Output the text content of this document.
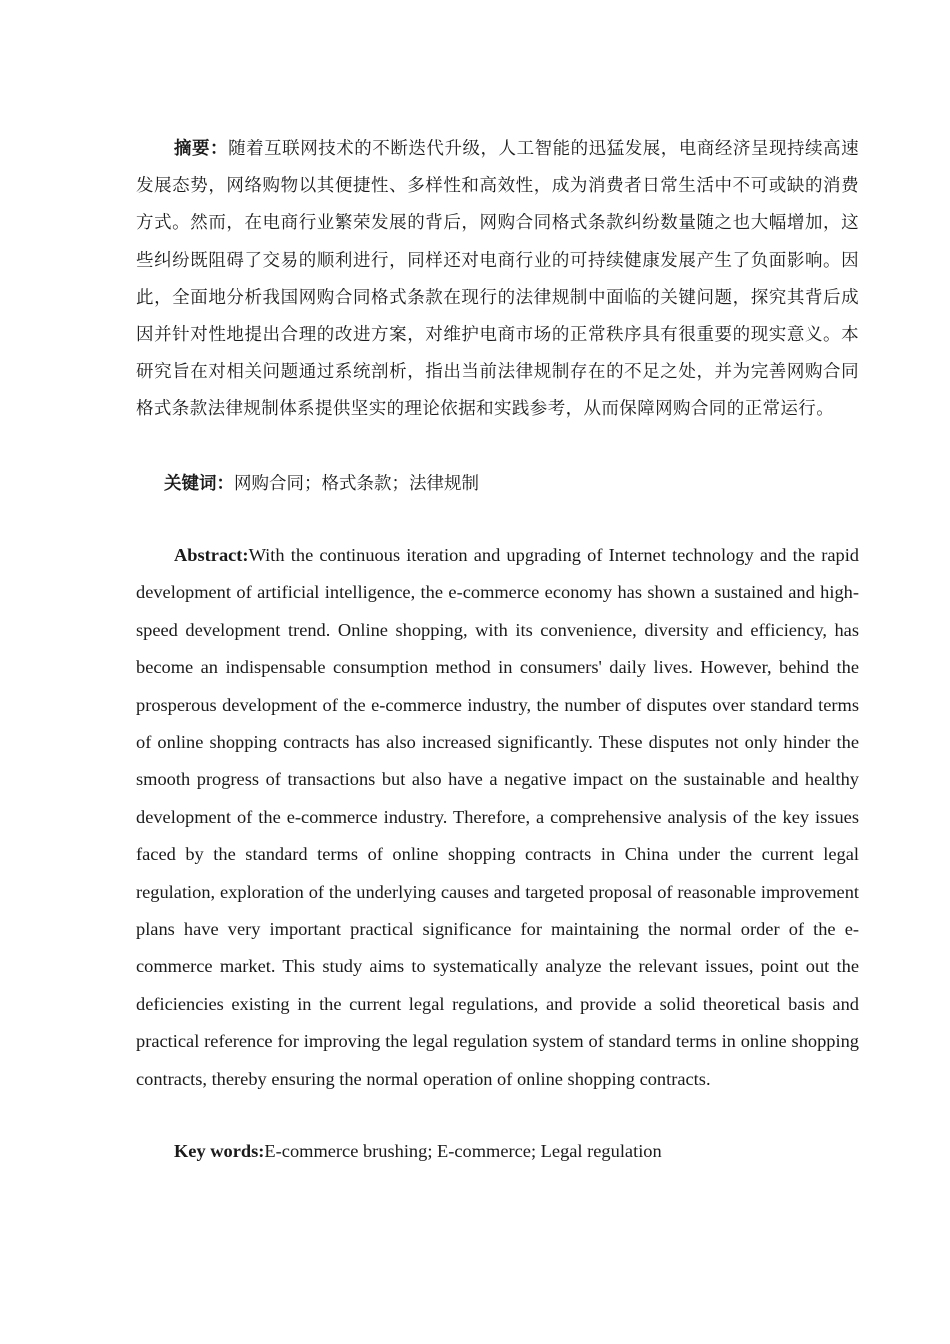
摘要：随着互联网技术的不断迭代升级，人工智能的迅猛发展，电商经济呈现持续高速发展态势，网络购物以其便捷性、多样性和高效性，成为消费者日常生活中不可或缺的消费方式。然而，在电商行业繁荣发展的背后，网购合同格式条款纠纷数量随之也大幅增加，这些纠纷既阻碍了交易的顺利进行，同样还对电商行业的可持续健康发展产生了负面影响。因此，全面地分析我国网购合同格式条款在现行的法律规制中面临的关键问题，探究其背后成因并针对性地提出合理的改进方案，对维护电商市场的正常秩序具有很重要的现实意义。本研究旨在对相关问题通过系统剖析，指出当前法律规制存在的不足之处，并为完善网购合同格式条款法律规制体系提供坚实的理论依据和实践参考，从而保障网购合同的正常运行。

关键词：网购合同；格式条款；法律规制

Abstract:With the continuous iteration and upgrading of Internet technology and the rapid development of artificial intelligence, the e-commerce economy has shown a sustained and high-speed development trend. Online shopping, with its convenience, diversity and efficiency, has become an indispensable consumption method in consumers' daily lives. However, behind the prosperous development of the e-commerce industry, the number of disputes over standard terms of online shopping contracts has also increased significantly. These disputes not only hinder the smooth progress of transactions but also have a negative impact on the sustainable and healthy development of the e-commerce industry. Therefore, a comprehensive analysis of the key issues faced by the standard terms of online shopping contracts in China under the current legal regulation, exploration of the underlying causes and targeted proposal of reasonable improvement plans have very important practical significance for maintaining the normal order of the e-commerce market. This study aims to systematically analyze the relevant issues, point out the deficiencies existing in the current legal regulations, and provide a solid theoretical basis and practical reference for improving the legal regulation system of standard terms in online shopping contracts, thereby ensuring the normal operation of online shopping contracts.

Key words:E-commerce brushing; E-commerce; Legal regulation
